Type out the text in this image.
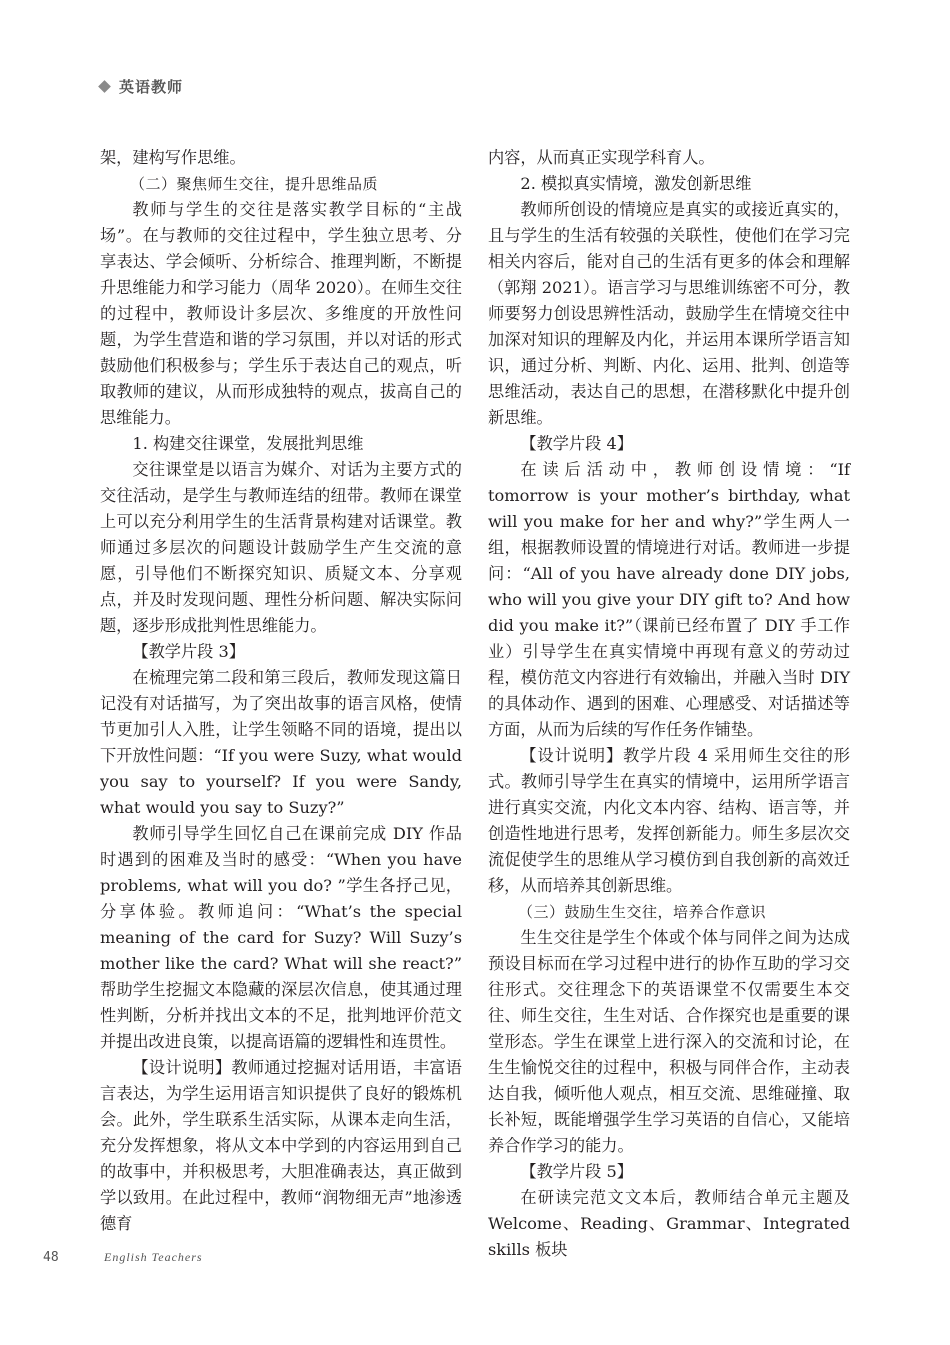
英语教师

架，建构写作思维。

（二）聚焦师生交往，提升思维品质

教师与学生的交往是落实教学目标的“主战场”。在与教师的交往过程中，学生独立思考、分享表达、学会倾听、分析综合、推理判断，不断提升思维能力和学习能力（周华 2020）。在师生交往的过程中，教师设计多层次、多维度的开放性问题，为学生营造和谐的学习氛围，并以对话的形式鼓励他们积极参与；学生乐于表达自己的观点，听取教师的建议，从而形成独特的观点，拔高自己的思维能力。

1. 构建交往课堂，发展批判思维

交往课堂是以语言为媒介、对话为主要方式的交往活动，是学生与教师连结的纽带。教师在课堂上可以充分利用学生的生活背景构建对话课堂。教师通过多层次的问题设计鼓励学生产生交流的意愿，引导他们不断探究知识、质疑文本、分享观点，并及时发现问题、理性分析问题、解决实际问题，逐步形成批判性思维能力。

【教学片段 3】

在梳理完第二段和第三段后，教师发现这篇日记没有对话描写，为了突出故事的语言风格，使情节更加引人入胜，让学生领略不同的语境，提出以下开放性问题：“If you were Suzy, what would you say to yourself? If you were Sandy, what would you say to Suzy?”

教师引导学生回忆自己在课前完成 DIY 作品时遇到的困难及当时的感受：“When you have problems, what will you do? ”学生各抒己见，分享体验。教师追问：“What’s the special meaning of the card for Suzy? Will Suzy’s mother like the card? What will she react?” 帮助学生挖掘文本隐藏的深层次信息，使其通过理性判断，分析并找出文本的不足，批判地评价范文并提出改进良策，以提高语篇的逻辑性和连贯性。

【设计说明】教师通过挖掘对话用语，丰富语言表达，为学生运用语言知识提供了良好的锻炼机会。此外，学生联系生活实际，从课本走向生活，充分发挥想象，将从文本中学到的内容运用到自己的故事中，并积极思考，大胆准确表达，真正做到学以致用。在此过程中，教师“润物细无声”地渗透德育

内容，从而真正实现学科育人。

2. 模拟真实情境，激发创新思维

教师所创设的情境应是真实的或接近真实的，且与学生的生活有较强的关联性，使他们在学习完相关内容后，能对自己的生活有更多的体会和理解（郭翔 2021）。语言学习与思维训练密不可分，教师要努力创设思辨性活动，鼓励学生在情境交往中加深对知识的理解及内化，并运用本课所学语言知识，通过分析、判断、内化、运用、批判、创造等思维活动，表达自己的思想，在潜移默化中提升创新思维。

【教学片段 4】

在读后活动中，教师创设情境：“If tomorrow is your mother’s birthday, what will you make for her and why?”学生两人一组，根据教师设置的情境进行对话。教师进一步提问：“All of you have already done DIY jobs, who will you give your DIY gift to? And how did you make it?”（课前已经布置了 DIY 手工作业）引导学生在真实情境中再现有意义的劳动过程，模仿范文内容进行有效输出，并融入当时 DIY 的具体动作、遇到的困难、心理感受、对话描述等方面，从而为后续的写作任务作铺垫。

【设计说明】教学片段 4 采用师生交往的形式。教师引导学生在真实的情境中，运用所学语言进行真实交流，内化文本内容、结构、语言等，并创造性地进行思考，发挥创新能力。师生多层次交流促使学生的思维从学习模仿到自我创新的高效迁移，从而培养其创新思维。

（三）鼓励生生交往，培养合作意识

生生交往是学生个体或个体与同伴之间为达成预设目标而在学习过程中进行的协作互助的学习交往形式。交往理念下的英语课堂不仅需要生本交往、师生交往，生生对话、合作探究也是重要的课堂形态。学生在课堂上进行深入的交流和讨论，在生生愉悦交往的过程中，积极与同伴合作，主动表达自我，倾听他人观点，相互交流、思维碰撞、取长补短，既能增强学生学习英语的自信心，又能培养合作学习的能力。

【教学片段 5】

在研读完范文文本后，教师结合单元主题及 Welcome、Reading、Grammar、Integrated skills 板块

48	English Teachers
